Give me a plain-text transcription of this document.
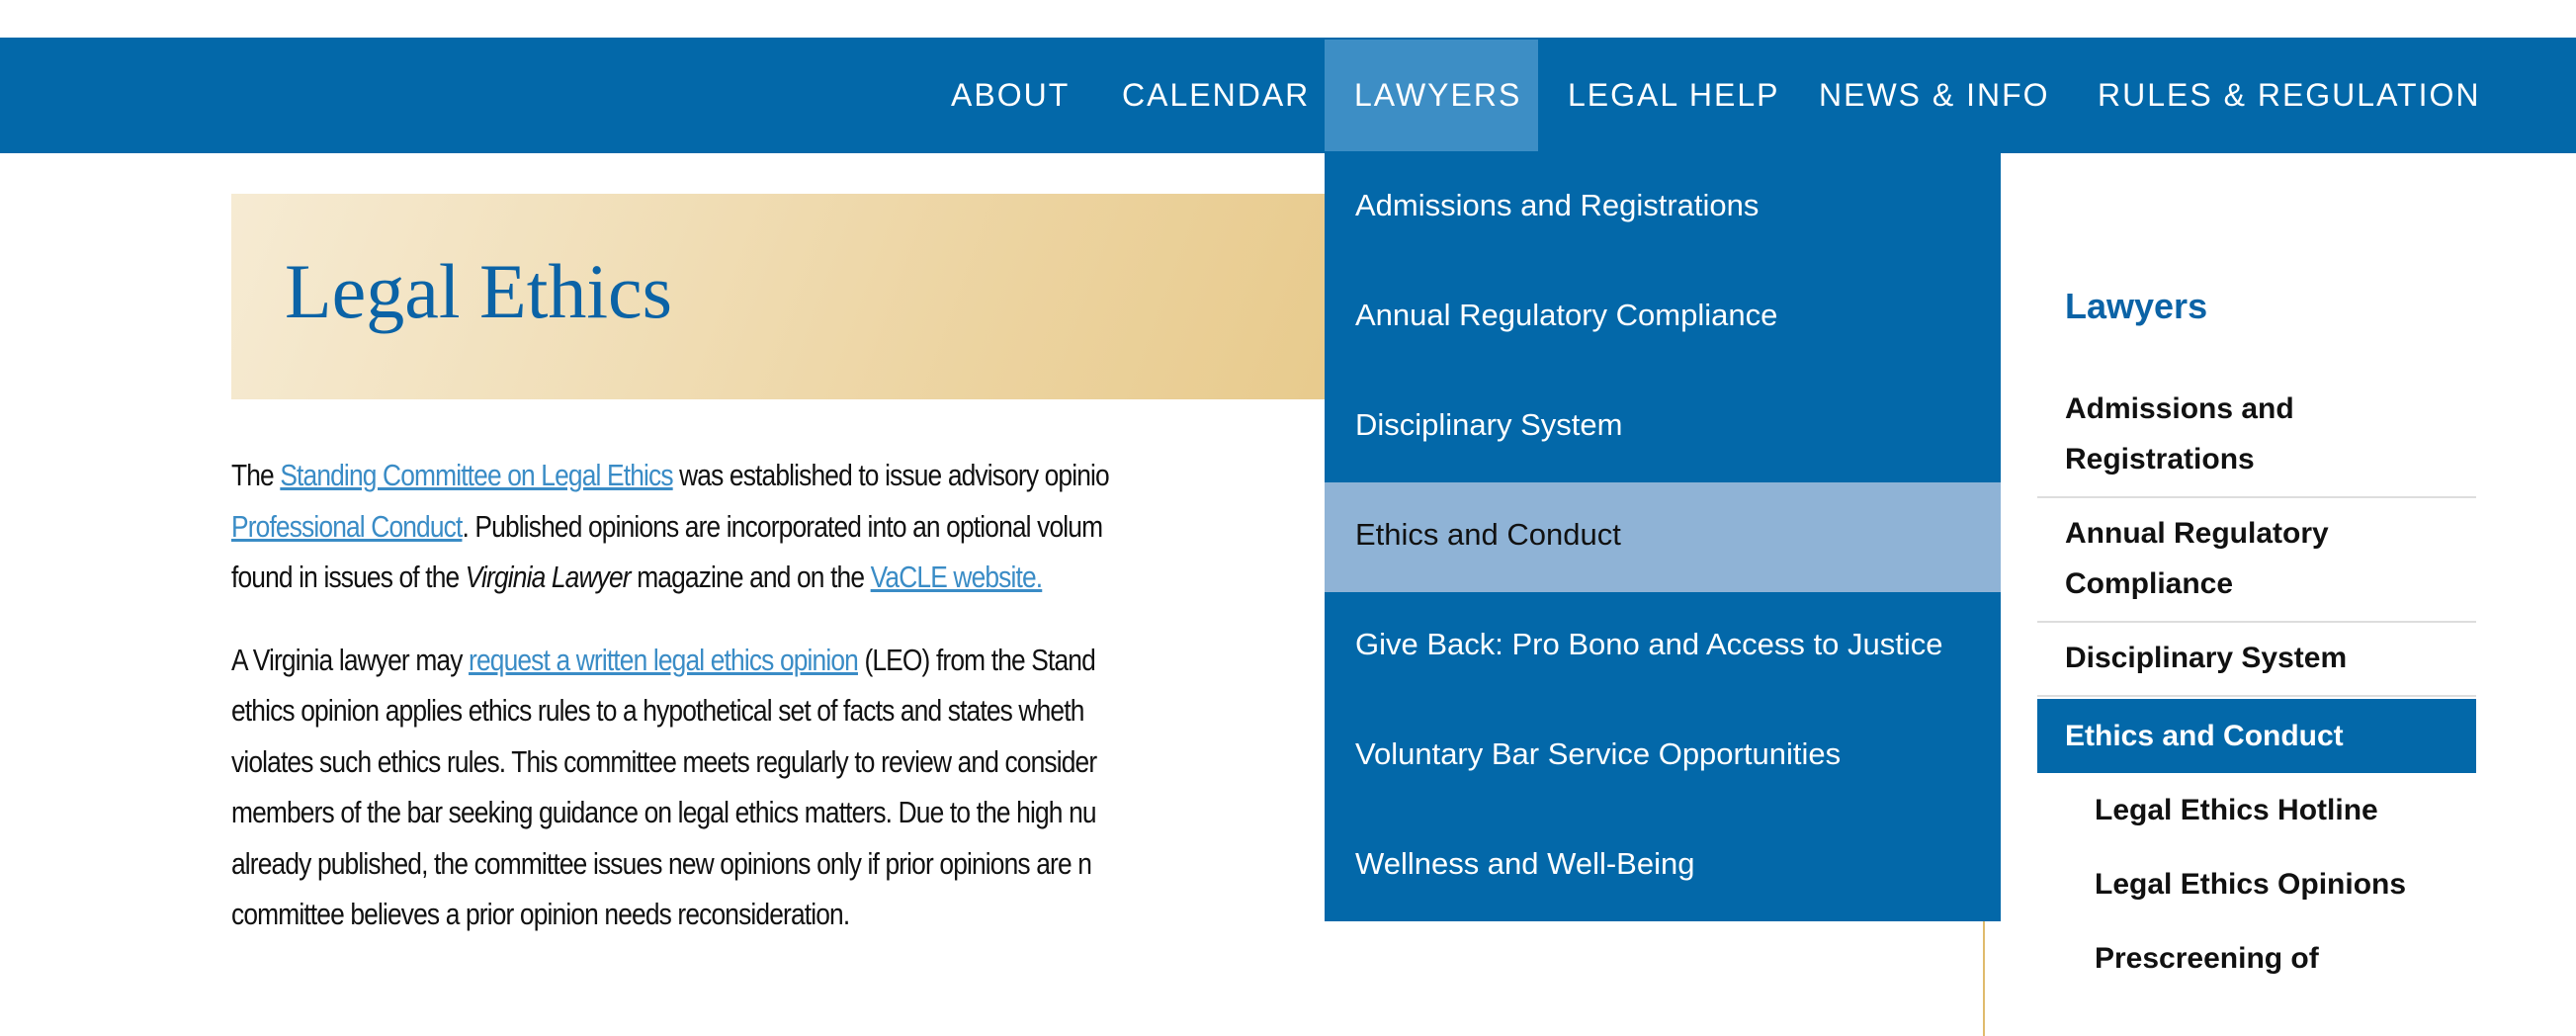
ABOUT	CALENDAR	LAWYERS	LEGAL HELP	NEWS & INFO	RULES & REGULATION
Legal Ethics

The Standing Committee on Legal Ethics was established to issue advisory opinio
Professional Conduct. Published opinions are incorporated into an optional volum
found in issues of the Virginia Lawyer magazine and on the VaCLE website.

A Virginia lawyer may request a written legal ethics opinion (LEO) from the Stand
ethics opinion applies ethics rules to a hypothetical set of facts and states wheth
violates such ethics rules. This committee meets regularly to review and consider
members of the bar seeking guidance on legal ethics matters. Due to the high nu
already published, the committee issues new opinions only if prior opinions are n
committee believes a prior opinion needs reconsideration.

Lawyers
Admissions and Registrations
Annual Regulatory Compliance
Disciplinary System
Ethics and Conduct
Legal Ethics Hotline
Legal Ethics Opinions
Prescreening of
Admissions and Registrations
Annual Regulatory Compliance
Disciplinary System
Ethics and Conduct
Give Back: Pro Bono and Access to Justice
Voluntary Bar Service Opportunities
Wellness and Well-Being
